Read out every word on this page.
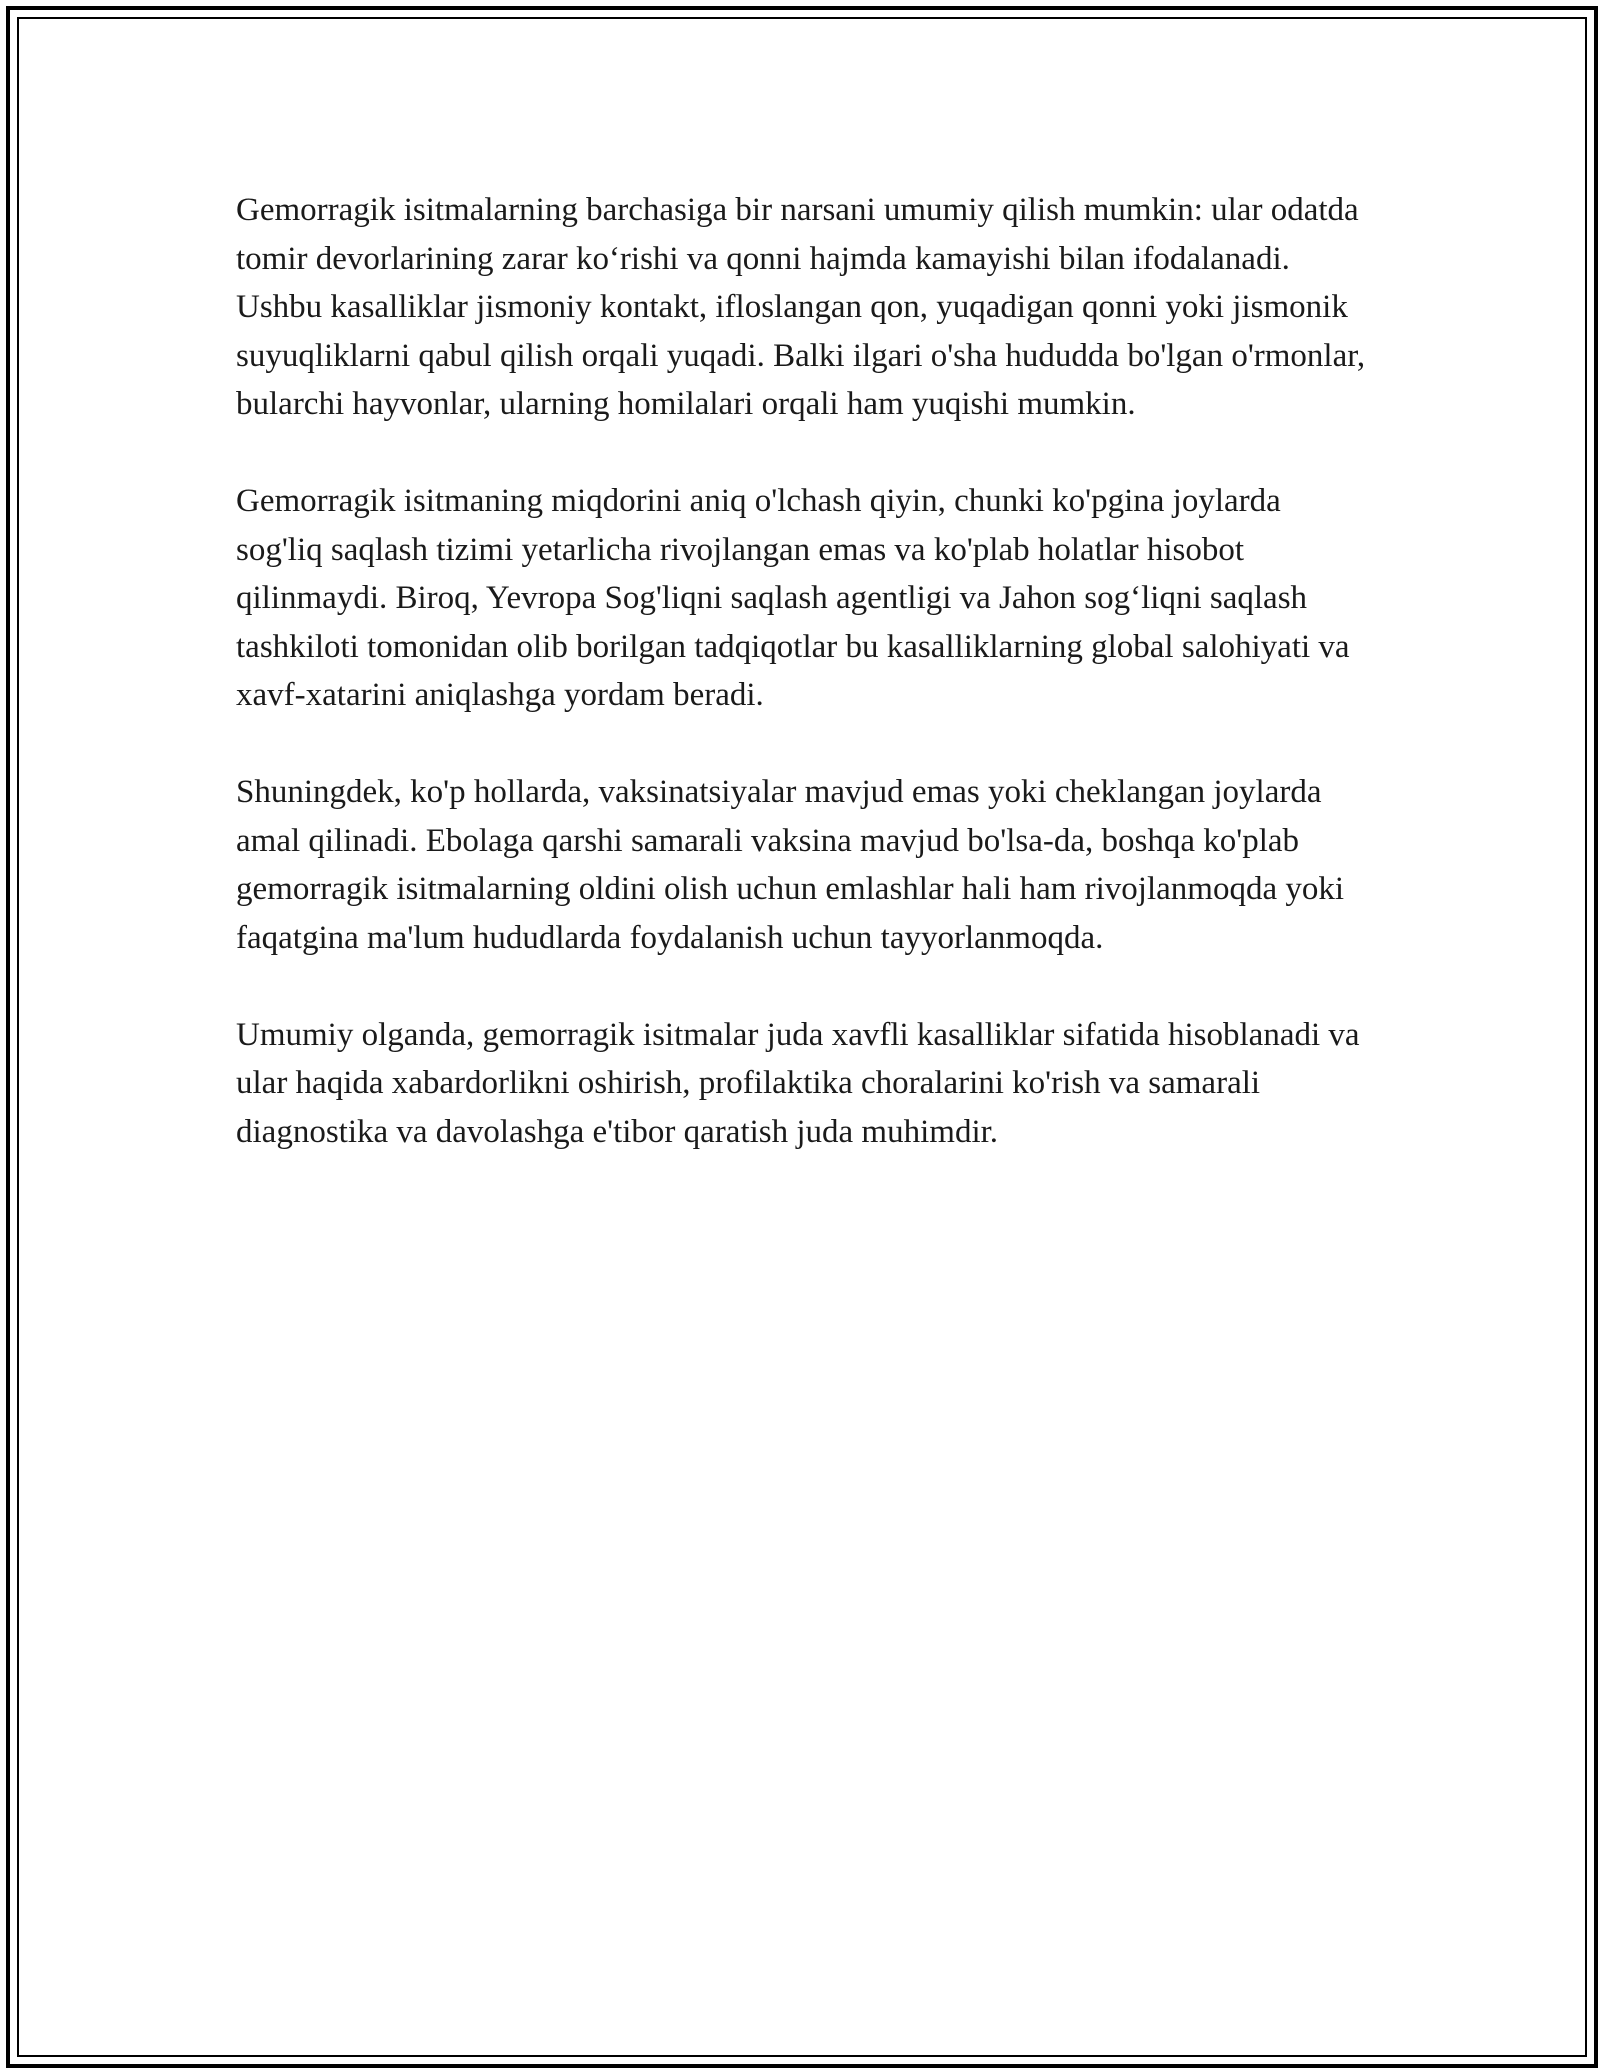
Gemorragik isitmalarning barchasiga bir narsani umumiy qilish mumkin: ular odatda tomir devorlarining zarar ko‘rishi va qonni hajmda kamayishi bilan ifodalanadi. Ushbu kasalliklar jismoniy kontakt, ifloslangan qon, yuqadigan qonni yoki jismonik suyuqliklarni qabul qilish orqali yuqadi. Balki ilgari o'sha hududda bo'lgan o'rmonlar, bularchi hayvonlar, ularning homilalari orqali ham yuqishi mumkin.

Gemorragik isitmaning miqdorini aniq o'lchash qiyin, chunki ko'pgina joylarda sog'liq saqlash tizimi yetarlicha rivojlangan emas va ko'plab holatlar hisobot qilinmaydi. Biroq, Yevropa Sog'liqni saqlash agentligi va Jahon sog‘liqni saqlash tashkiloti tomonidan olib borilgan tadqiqotlar bu kasalliklarning global salohiyati va xavf-xatarini aniqlashga yordam beradi.

Shuningdek, ko'p hollarda, vaksinatsiyalar mavjud emas yoki cheklangan joylarda amal qilinadi. Ebolaga qarshi samarali vaksina mavjud bo'lsa-da, boshqa ko'plab gemorragik isitmalarning oldini olish uchun emlashlar hali ham rivojlanmoqda yoki faqatgina ma'lum hududlarda foydalanish uchun tayyorlanmoqda.

Umumiy olganda, gemorragik isitmalar juda xavfli kasalliklar sifatida hisoblanadi va ular haqida xabardorlikni oshirish, profilaktika choralarini ko'rish va samarali diagnostika va davolashga e'tibor qaratish juda muhimdir.
